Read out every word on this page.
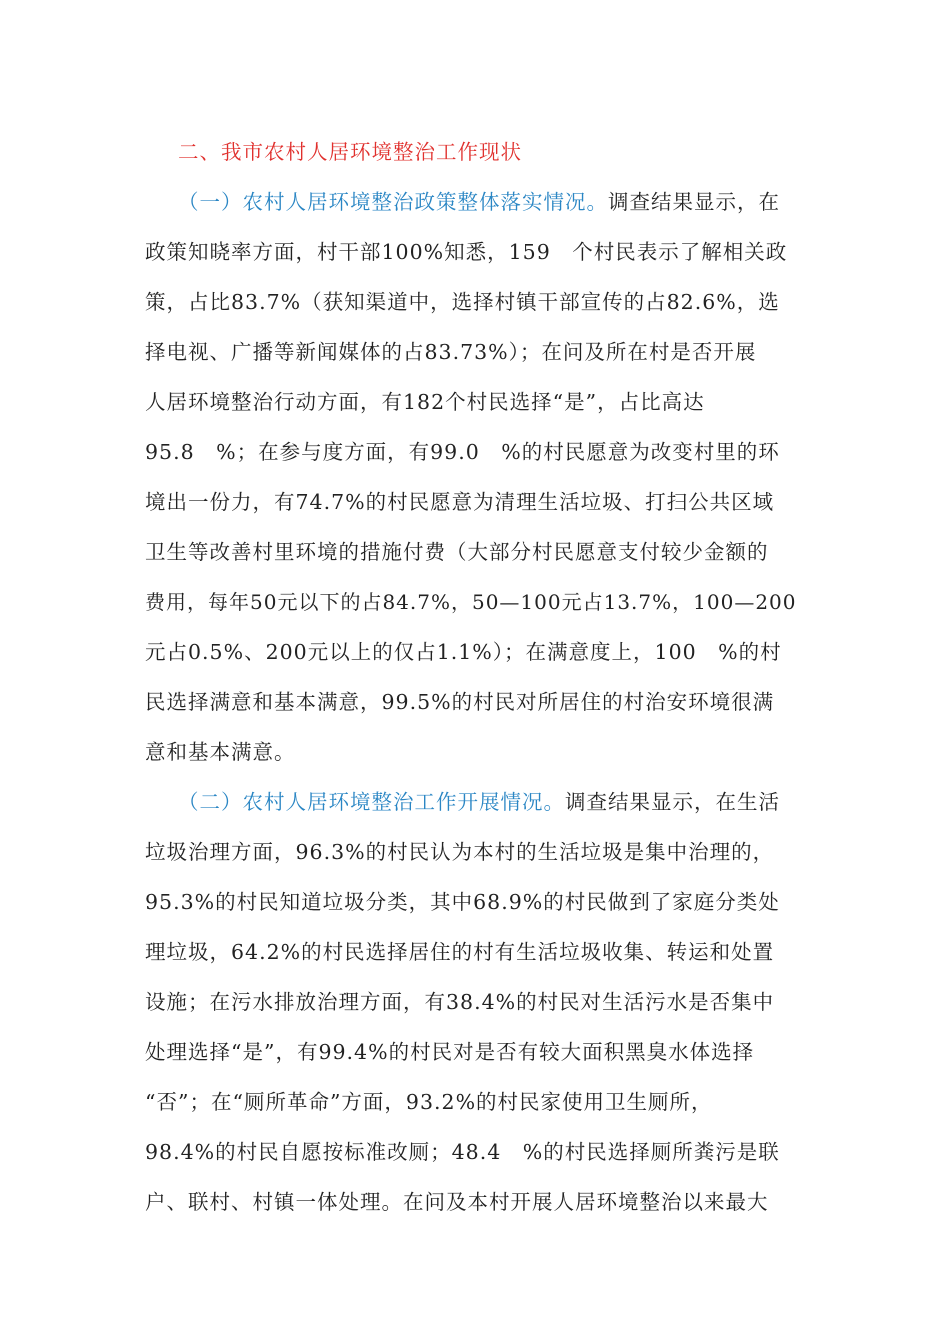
二、我市农村人居环境整治工作现状
（一）农村人居环境整治政策整体落实情况。调查结果显示，在
政策知晓率方面，村干部100%知悉，159　个村民表示了解相关政
策，占比83.7%（获知渠道中，选择村镇干部宣传的占82.6%，选
择电视、广播等新闻媒体的占83.73%）；在问及所在村是否开展
人居环境整治行动方面，有182个村民选择“是”，占比高达
95.8　%；在参与度方面，有99.0　%的村民愿意为改变村里的环
境出一份力，有74.7%的村民愿意为清理生活垃圾、打扫公共区域
卫生等改善村里环境的措施付费（大部分村民愿意支付较少金额的
费用，每年50元以下的占84.7%，50—100元占13.7%，100—200
元占0.5%、200元以上的仅占1.1%）；在满意度上，100　%的村
民选择满意和基本满意，99.5%的村民对所居住的村治安环境很满
意和基本满意。
（二）农村人居环境整治工作开展情况。调查结果显示，在生活
垃圾治理方面，96.3%的村民认为本村的生活垃圾是集中治理的，
95.3%的村民知道垃圾分类，其中68.9%的村民做到了家庭分类处
理垃圾，64.2%的村民选择居住的村有生活垃圾收集、转运和处置
设施；在污水排放治理方面，有38.4%的村民对生活污水是否集中
处理选择“是”，有99.4%的村民对是否有较大面积黑臭水体选择
“否”；在“厕所革命”方面，93.2%的村民家使用卫生厕所，
98.4%的村民自愿按标准改厕；48.4　%的村民选择厕所粪污是联
户、联村、村镇一体处理。在问及本村开展人居环境整治以来最大
